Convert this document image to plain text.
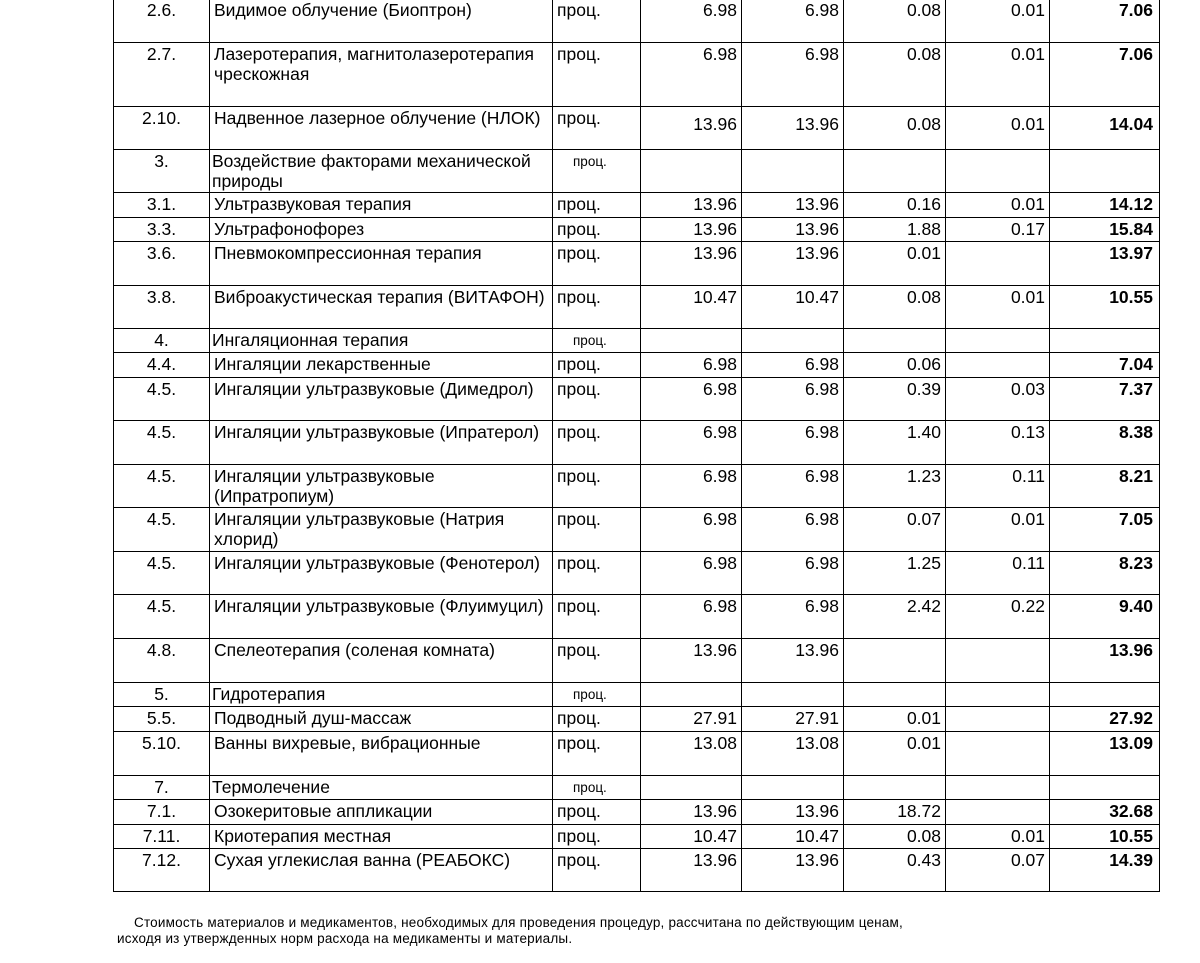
2.6.	Видимое облучение (Биоптрон)	проц.	6.98	6.98	0.08	0.01	7.06
2.7.	Лазеротерапия, магнитолазеротерапия чрескожная	проц.	6.98	6.98	0.08	0.01	7.06
2.10.	Надвенное лазерное облучение (НЛОК)	проц.	13.96	13.96	0.08	0.01	14.04
3.	Воздействие факторами механической природы	проц.					
3.1.	Ультразвуковая терапия	проц.	13.96	13.96	0.16	0.01	14.12
3.3.	Ультрафонофорез	проц.	13.96	13.96	1.88	0.17	15.84
3.6.	Пневмокомпрессионная терапия	проц.	13.96	13.96	0.01		13.97
3.8.	Виброакустическая терапия (ВИТАФОН)	проц.	10.47	10.47	0.08	0.01	10.55
4.	Ингаляционная терапия	проц.					
4.4.	Ингаляции лекарственные	проц.	6.98	6.98	0.06		7.04
4.5.	Ингаляции ультразвуковые (Димедрол)	проц.	6.98	6.98	0.39	0.03	7.37
4.5.	Ингаляции ультразвуковые (Ипратерол)	проц.	6.98	6.98	1.40	0.13	8.38
4.5.	Ингаляции ультразвуковые (Ипратропиум)	проц.	6.98	6.98	1.23	0.11	8.21
4.5.	Ингаляции ультразвуковые (Натрия хлорид)	проц.	6.98	6.98	0.07	0.01	7.05
4.5.	Ингаляции ультразвуковые (Фенотерол)	проц.	6.98	6.98	1.25	0.11	8.23
4.5.	Ингаляции ультразвуковые (Флуимуцил)	проц.	6.98	6.98	2.42	0.22	9.40
4.8.	Спелеотерапия (соленая комната)	проц.	13.96	13.96			13.96
5.	Гидротерапия	проц.					
5.5.	Подводный душ-массаж	проц.	27.91	27.91	0.01		27.92
5.10.	Ванны вихревые, вибрационные	проц.	13.08	13.08	0.01		13.09
7.	Термолечение	проц.					
7.1.	Озокеритовые аппликации	проц.	13.96	13.96	18.72		32.68
7.11.	Криотерапия местная	проц.	10.47	10.47	0.08	0.01	10.55
7.12.	Сухая углекислая ванна (РЕАБОКС)	проц.	13.96	13.96	0.43	0.07	14.39
Стоимость материалов и медикаментов, необходимых для проведения процедур, рассчитана по действующим ценам,
исходя из утвержденных норм расхода на медикаменты и материалы.
